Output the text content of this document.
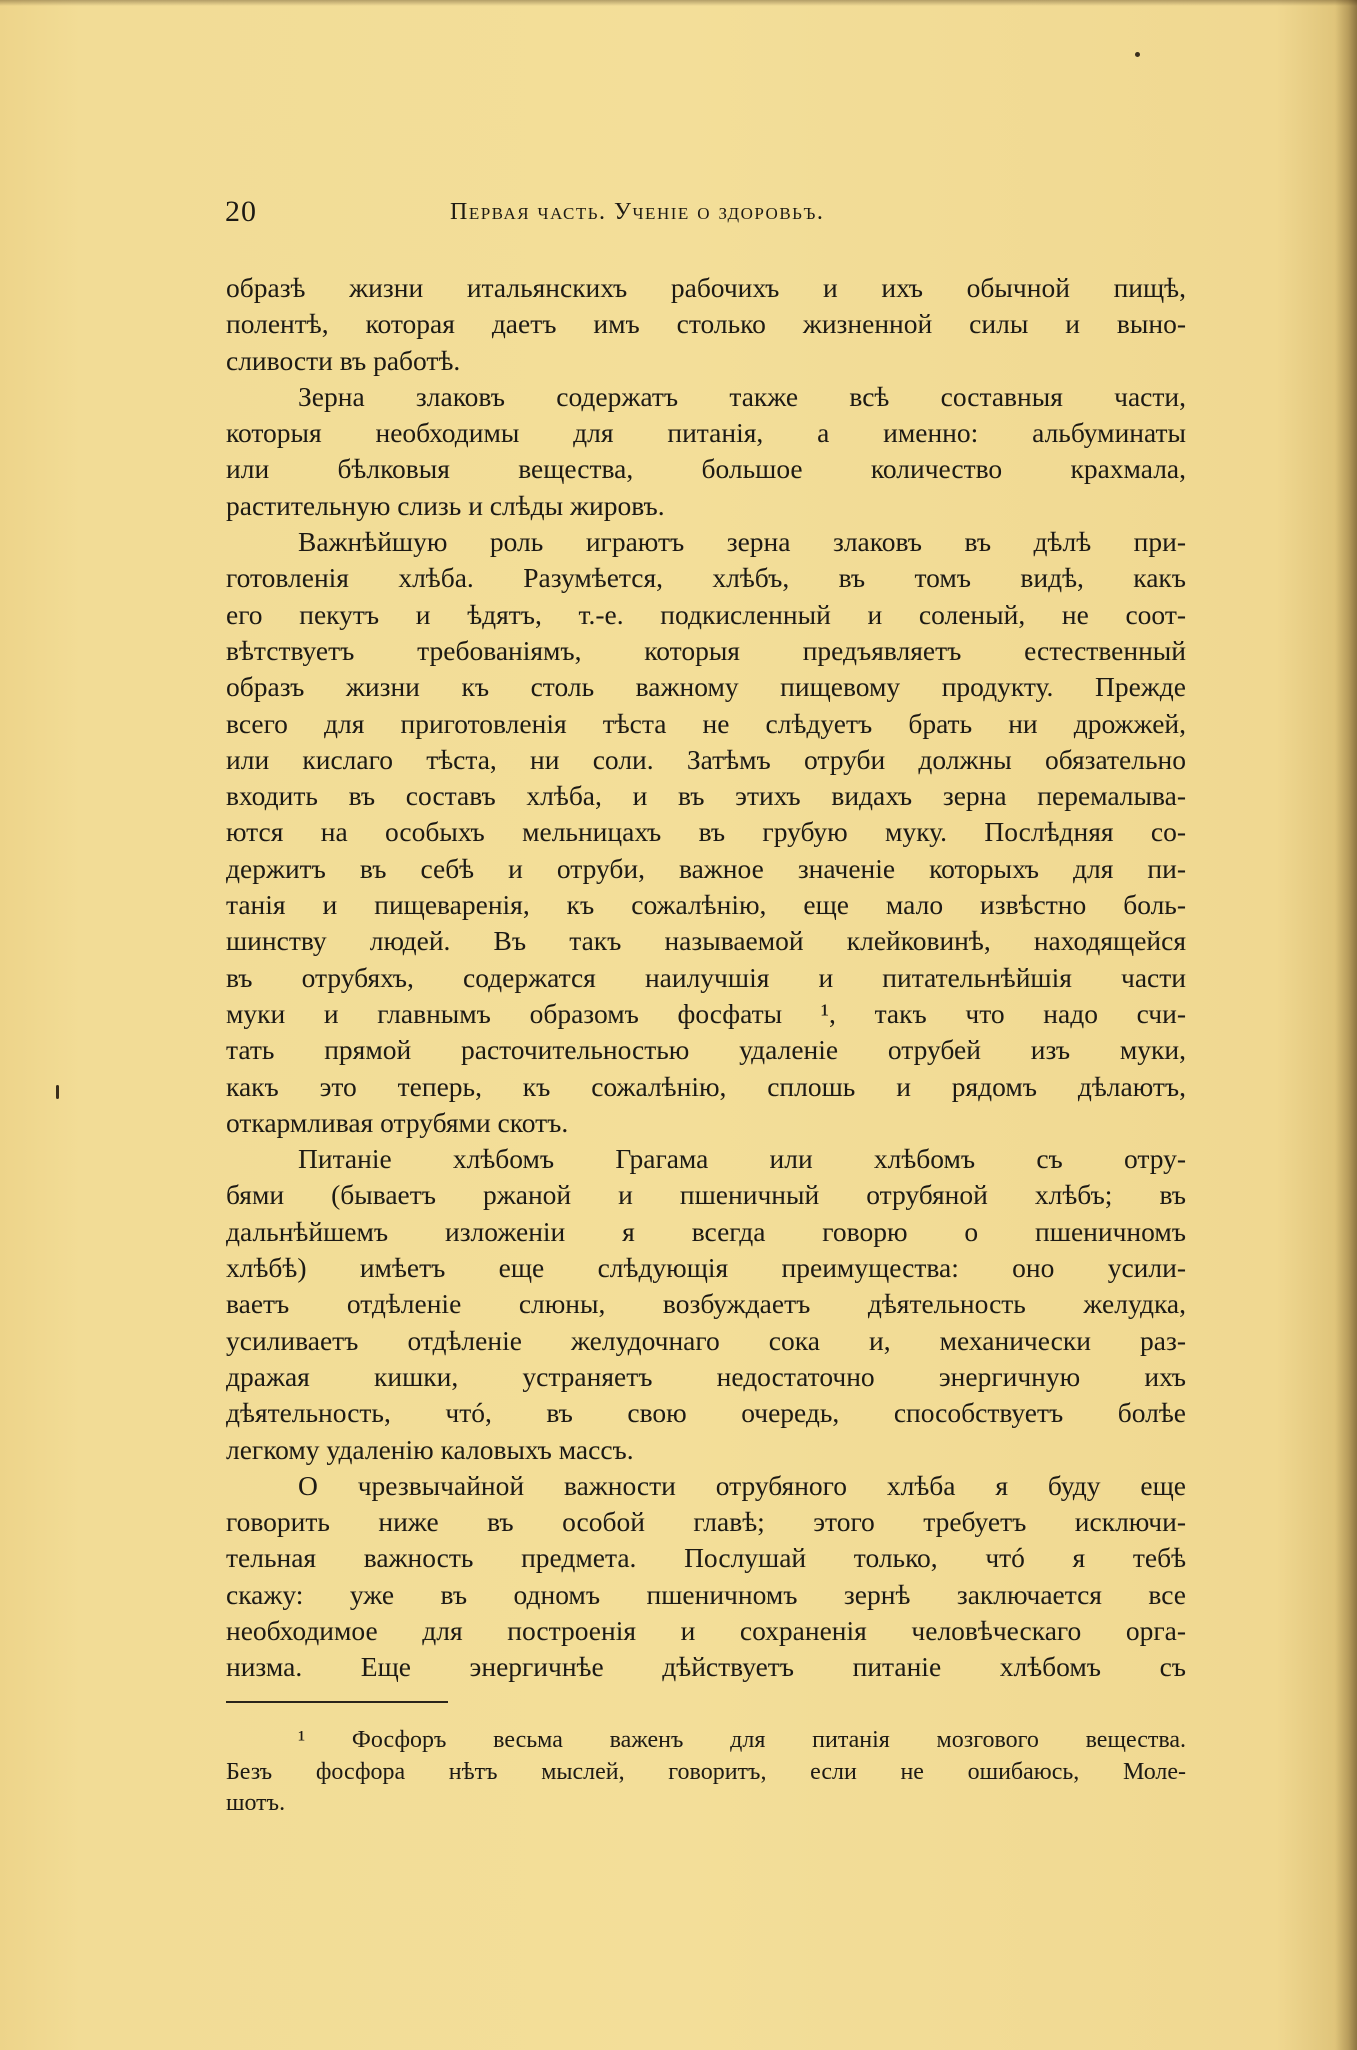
20	Первая часть. Ученіе о здоровьъ.
образѣ жизни итальянскихъ рабочихъ и ихъ обычной пищѣ,
полентѣ, которая даетъ имъ столько жизненной силы и выно-
сливости въ работѣ.
Зерна злаковъ содержатъ также всѣ составныя части,
которыя необходимы для питанія, а именно: альбуминаты
или бѣлковыя вещества, большое количество крахмала,
растительную слизь и слѣды жировъ.
Важнѣйшую роль играютъ зерна злаковъ въ дѣлѣ при-
готовленія хлѣба. Разумѣется, хлѣбъ, въ томъ видѣ, какъ
его пекутъ и ѣдятъ, т.-е. подкисленный и соленый, не соот-
вѣтствуетъ требованіямъ, которыя предъявляетъ естественный
образъ жизни къ столь важному пищевому продукту. Прежде
всего для приготовленія тѣста не слѣдуетъ брать ни дрожжей,
или кислаго тѣста, ни соли. Затѣмъ отруби должны обязательно
входить въ составъ хлѣба, и въ этихъ видахъ зерна перемалыва-
ются на особыхъ мельницахъ въ грубую муку. Послѣдняя со-
держитъ въ себѣ и отруби, важное значеніе которыхъ для пи-
танія и пищеваренія, къ сожалѣнію, еще мало извѣстно боль-
шинству людей. Въ такъ называемой клейковинѣ, находящейся
въ отрубяхъ, содержатся наилучшія и питательнѣйшія части
муки и главнымъ образомъ фосфаты ¹, такъ что надо счи-
тать прямой расточительностью удаленіе отрубей изъ муки,
какъ это теперь, къ сожалѣнію, сплошь и рядомъ дѣлаютъ,
откармливая отрубями скотъ.
Питаніе хлѣбомъ Грагама или хлѣбомъ съ отру-
бями (бываетъ ржаной и пшеничный отрубяной хлѣбъ; въ
дальнѣйшемъ изложеніи я всегда говорю о пшеничномъ
хлѣбѣ) имѣетъ еще слѣдующія преимущества: оно усили-
ваетъ отдѣленіе слюны, возбуждаетъ дѣятельность желудка,
усиливаетъ отдѣленіе желудочнаго сока и, механически раз-
дражая кишки, устраняетъ недостаточно энергичную ихъ
дѣятельность, чтó, въ свою очередь, способствуетъ болѣе
легкому удаленію каловыхъ массъ.
О чрезвычайной важности отрубяного хлѣба я буду еще
говорить ниже въ особой главѣ; этого требуетъ исключи-
тельная важность предмета. Послушай только, чтó я тебѣ
скажу: уже въ одномъ пшеничномъ зернѣ заключается все
необходимое для построенія и сохраненія человѣческаго орга-
низма. Еще энергичнѣе дѣйствуетъ питаніе хлѣбомъ съ
¹ Фосфоръ весьма важенъ для питанія мозгового вещества.
Безъ фосфора нѣтъ мыслей, говоритъ, если не ошибаюсь, Моле-
шотъ.
